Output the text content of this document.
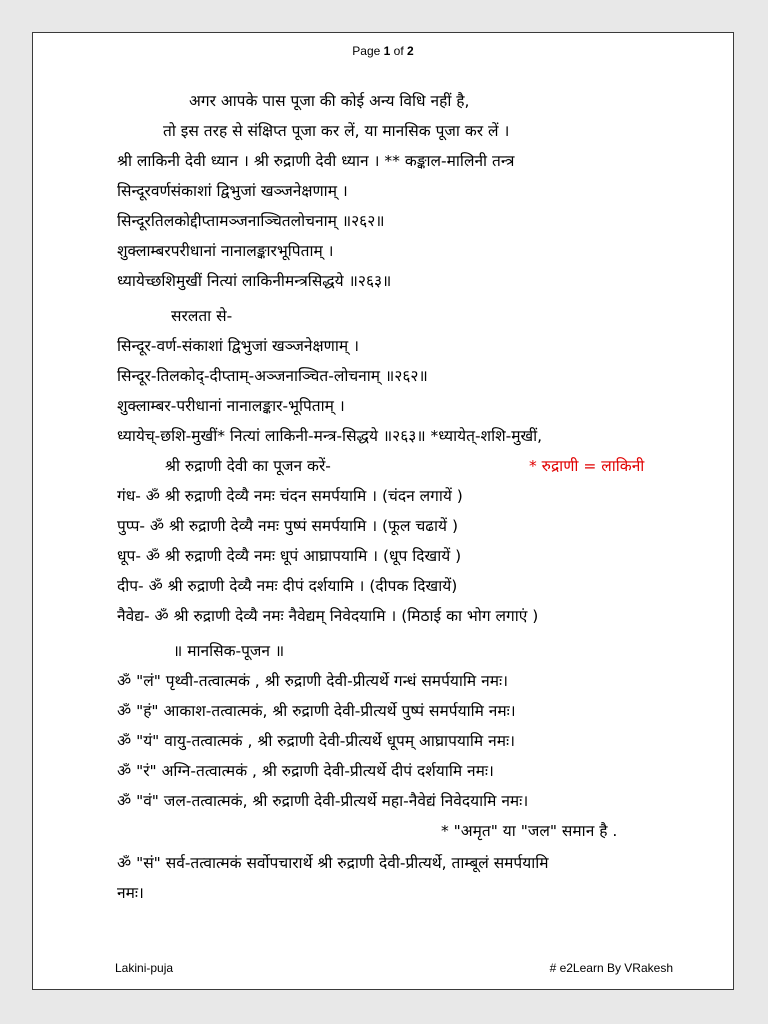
Page 1 of 2
अगर आपके पास पूजा की कोई अन्य विधि नहीं है,
तो इस तरह से संक्षिप्त पूजा कर लें, या मानसिक पूजा कर लें ।
श्री लाकिनी देवी ध्यान । श्री रुद्राणी देवी ध्यान । ** कङ्काल-मालिनी तन्त्र
सिन्दूरवर्णसंकाशां द्विभुजां खञ्जनेक्षणाम् ।
सिन्दूरतिलकोद्दीप्ताम‌ञ्जनाञ्चितलोचनाम् ॥२६२॥
शुक्लाम्बरपरीधानां नानालङ्कारभूपिताम् ।
ध्यायेच्छशिमुखीं नित्यां लाकिनीमन्त्रसिद्धये ॥२६३॥
सरलता से-
सिन्दूर-वर्ण-संकाशां द्विभुजां खञ्जनेक्षणाम् ।
सिन्दूर-तिलकोद्-दीप्ताम्-अञ्जनाञ्चित-लोचनाम् ॥२६२॥
शुक्लाम्बर-परीधानां नानालङ्कार-भूपिताम् ।
ध्यायेच्-छशि-मुखीं* नित्यां लाकिनी-मन्त्र-सिद्धये ॥२६३॥ *ध्यायेत्-शशि-मुखीं,
श्री रुद्राणी देवी का पूजन करें-	* रुद्राणी = लाकिनी
गंध- ॐ श्री रुद्राणी देव्यै नमः चंदन समर्पयामि । (चंदन लगायें )
पुप्प- ॐ श्री रुद्राणी देव्यै नमः पुष्पं समर्पयामि । (फूल चढायें )
धूप- ॐ श्री रुद्राणी देव्यै नमः धूपं आघ्रापयामि । (धूप दिखायें )
दीप- ॐ श्री रुद्राणी देव्यै नमः दीपं दर्शयामि । (दीपक दिखायें)
नैवेद्य- ॐ श्री रुद्राणी देव्यै नमः नैवेद्यम् निवेदयामि । (मिठाई का भोग लगाएं )
॥ मानसिक-पूजन ॥
ॐ "लं" पृथ्वी-तत्वात्मकं , श्री रुद्राणी देवी-प्रीत्यर्थे गन्धं समर्पयामि नमः।
ॐ "हं" आकाश-तत्वात्मकं, श्री रुद्राणी देवी-प्रीत्यर्थे पुष्पं समर्पयामि नमः।
ॐ "यं" वायु-तत्वात्मकं , श्री रुद्राणी देवी-प्रीत्यर्थे धूपम् आघ्रापयामि नमः।
ॐ "रं" अग्नि-तत्वात्मकं , श्री रुद्राणी देवी-प्रीत्यर्थे दीपं दर्शयामि नमः।
ॐ "वं" जल-तत्वात्मकं, श्री रुद्राणी देवी-प्रीत्यर्थे महा-नैवेद्यं निवेदयामि नमः।
* "अमृत" या "जल" समान है .
ॐ "सं" सर्व-तत्वात्मकं सर्वोपचारार्थे श्री रुद्राणी देवी-प्रीत्यर्थे, ताम्बूलं समर्पयामि
नमः।
Lakini-puja	# e2Learn By VRakesh
